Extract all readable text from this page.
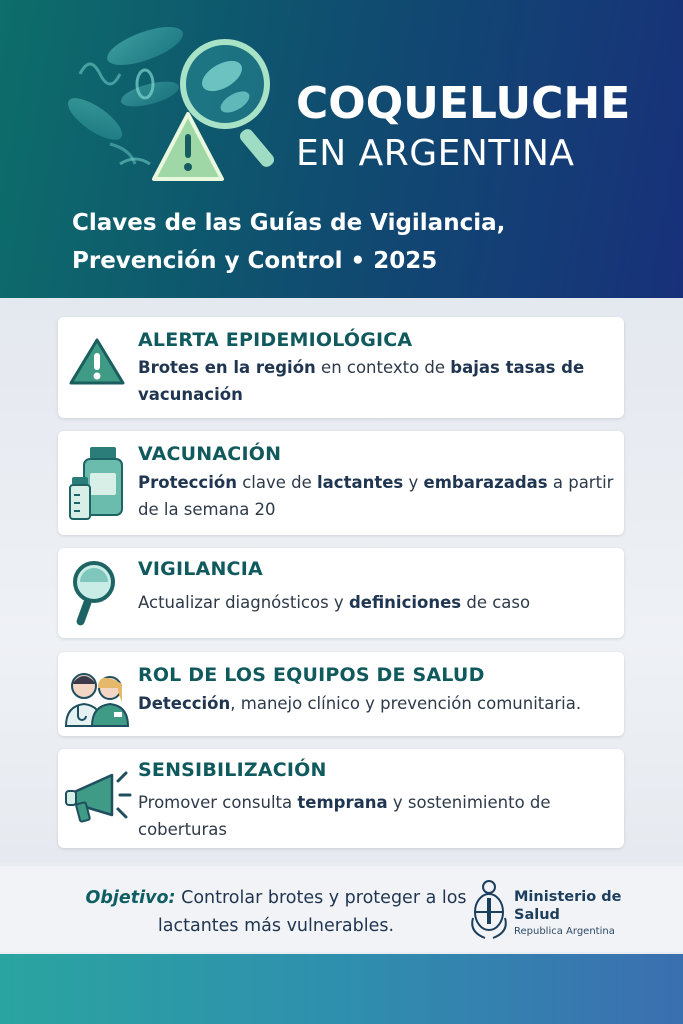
COQUELUCHE
EN ARGENTINA
Claves de las Guías de Vigilancia,
Prevención y Control • 2025
ALERTA EPIDEMIOLÓGICA
Brotes en la región en contexto de bajas tasas de vacunación
VACUNACIÓN
Protección clave de lactantes y embarazadas a partir de la semana 20
VIGILANCIA
Actualizar diagnósticos y definiciones de caso
ROL DE LOS EQUIPOS DE SALUD
Detección, manejo clínico y prevención comunitaria.
SENSIBILIZACIÓN
Promover consulta temprana y sostenimiento de coberturas
Objetivo: Controlar brotes y proteger a los lactantes más vulnerables.
Ministerio de
Salud
Republica Argentina
